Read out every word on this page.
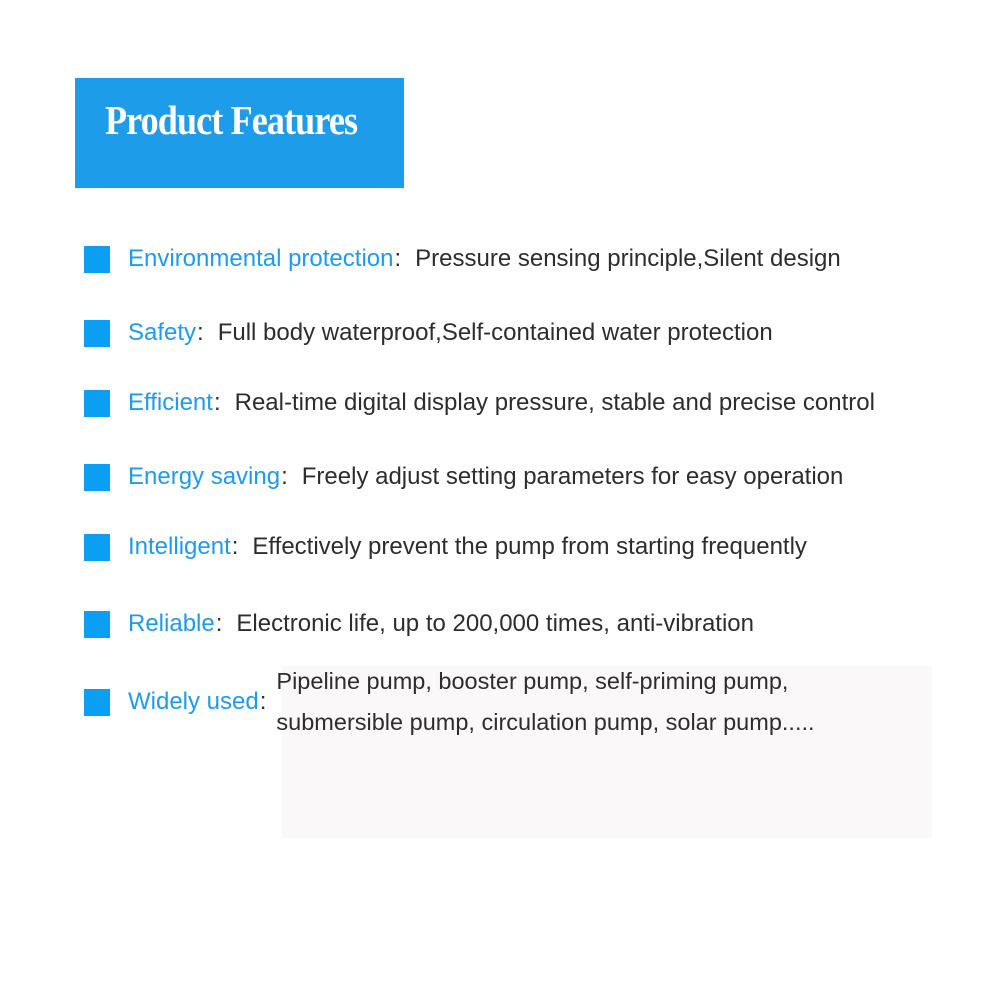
Product Features
Environmental protection : Pressure sensing principle,Silent design
Safety : Full body waterproof,Self-contained water protection
Efficient : Real-time digital display pressure, stable and precise control
Energy saving : Freely adjust setting parameters for easy operation
Intelligent : Effectively prevent the pump from starting frequently
Reliable : Electronic life, up to 200,000 times, anti-vibration
Widely used :
Pipeline pump, booster pump, self-priming pump,
submersible pump, circulation pump, solar pump.....
